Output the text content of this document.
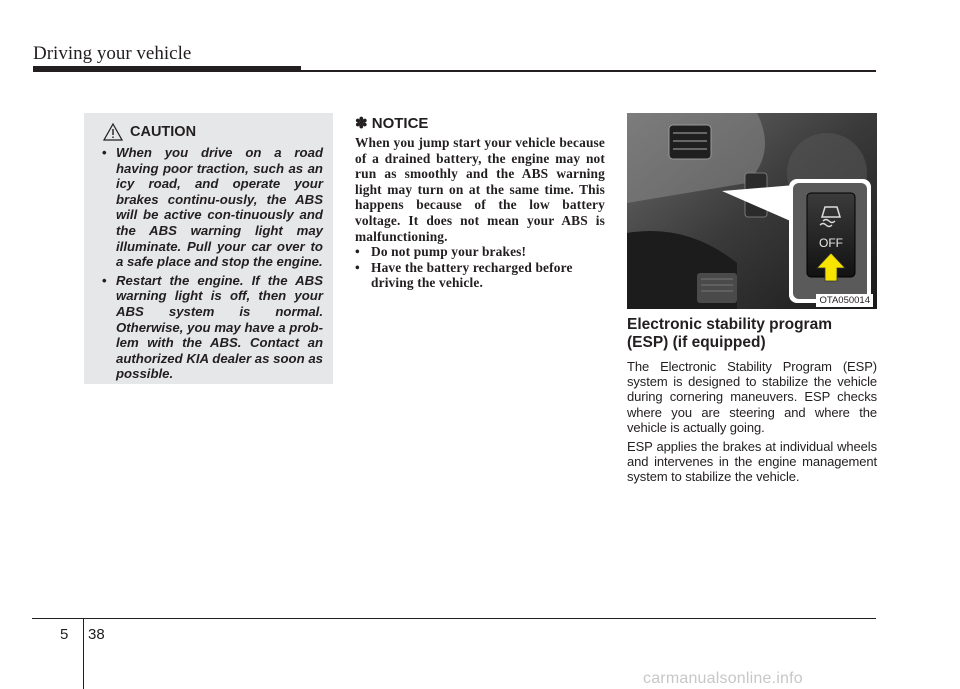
Driving your vehicle
CAUTION
• When you drive on a road having poor traction, such as an icy road, and operate your brakes continu-ously, the ABS will be active con-tinuously and the ABS warning light may illuminate. Pull your car over to a safe place and stop the engine.
• Restart the engine. If the ABS warning light is off, then your ABS system is normal. Otherwise, you may have a prob-lem with the ABS. Contact an authorized KIA dealer as soon as possible.
✽ NOTICE

When you jump start your vehicle because of a drained battery, the engine may not run as smoothly and the ABS warning light may turn on at the same time. This happens because of the low battery voltage. It does not mean your ABS is malfunctioning.

• Do not pump your brakes!
• Have the battery recharged before driving the vehicle.
OFF
OTA050014
Electronic stability program (ESP) (if equipped)

The Electronic Stability Program (ESP) system is designed to stabilize the vehicle during cornering maneuvers. ESP checks where you are steering and where the vehicle is actually going.

ESP applies the brakes at individual wheels and intervenes in the engine management system to stabilize the vehicle.

5 38
carmanualsonline.info
